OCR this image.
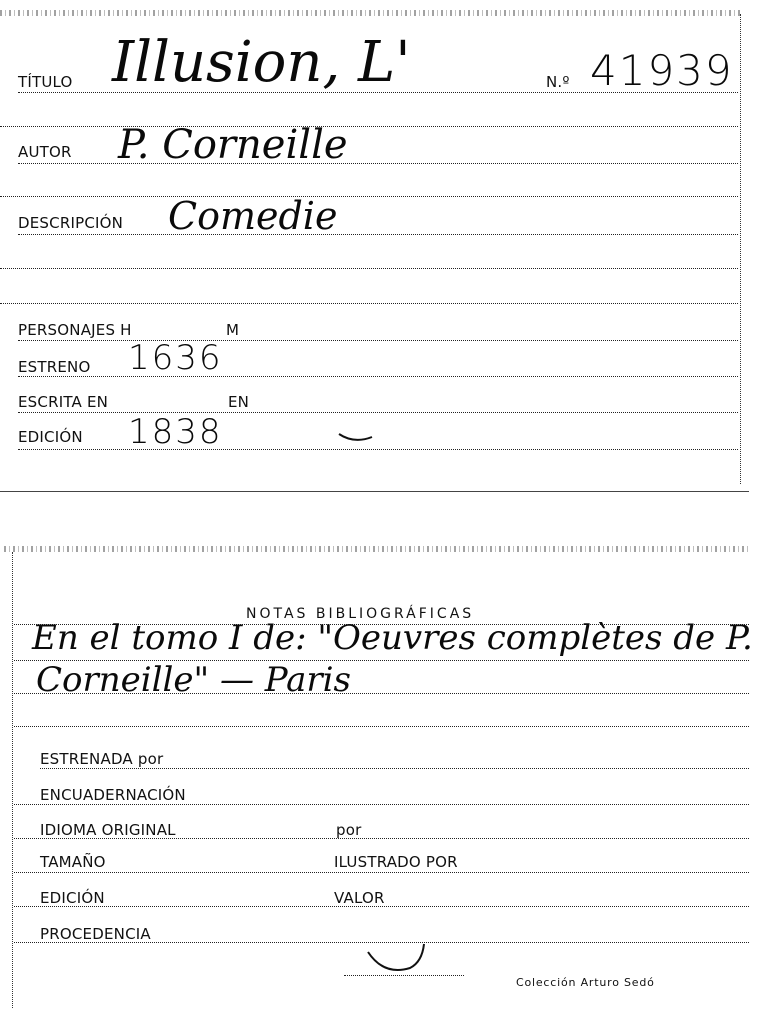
TÍTULO Illusion, L'	N.º 41939
AUTOR P. Corneille
DESCRIPCIÓN Comedie
PERSONAJES H	M
ESTRENO 1636
ESCRITA EN	EN
EDICIÓN 1838
NOTAS BIBLIOGRÁFICAS
En el tomo I de: "Oeuvres complètes de P.
Corneille" — Paris
ESTRENADA por
ENCUADERNACIÓN
IDIOMA ORIGINAL	por
TAMAÑO	ILUSTRADO POR
EDICIÓN	VALOR
PROCEDENCIA
Colección Arturo Sedó
